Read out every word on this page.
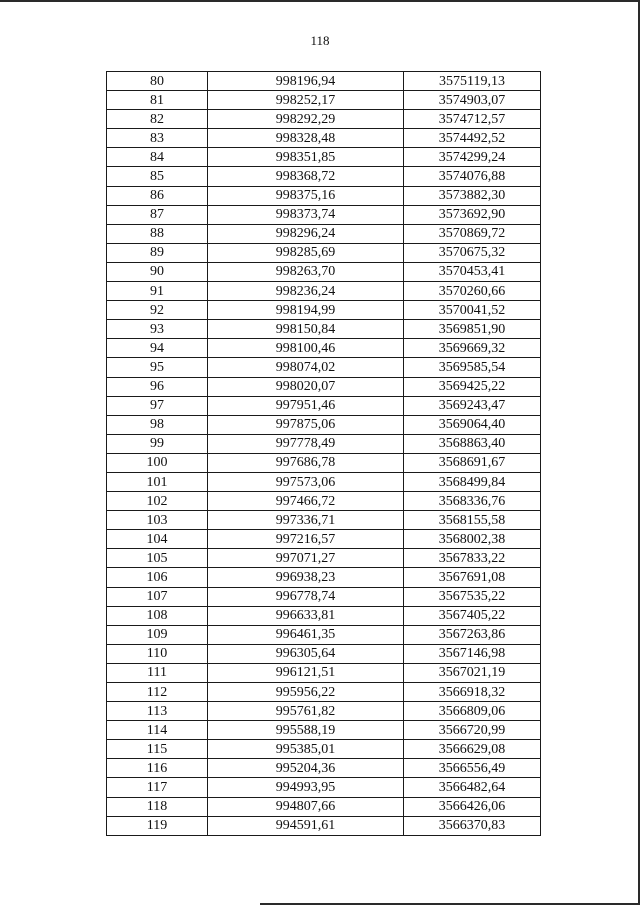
118
80	998196,94	3575119,13
81	998252,17	3574903,07
82	998292,29	3574712,57
83	998328,48	3574492,52
84	998351,85	3574299,24
85	998368,72	3574076,88
86	998375,16	3573882,30
87	998373,74	3573692,90
88	998296,24	3570869,72
89	998285,69	3570675,32
90	998263,70	3570453,41
91	998236,24	3570260,66
92	998194,99	3570041,52
93	998150,84	3569851,90
94	998100,46	3569669,32
95	998074,02	3569585,54
96	998020,07	3569425,22
97	997951,46	3569243,47
98	997875,06	3569064,40
99	997778,49	3568863,40
100	997686,78	3568691,67
101	997573,06	3568499,84
102	997466,72	3568336,76
103	997336,71	3568155,58
104	997216,57	3568002,38
105	997071,27	3567833,22
106	996938,23	3567691,08
107	996778,74	3567535,22
108	996633,81	3567405,22
109	996461,35	3567263,86
110	996305,64	3567146,98
111	996121,51	3567021,19
112	995956,22	3566918,32
113	995761,82	3566809,06
114	995588,19	3566720,99
115	995385,01	3566629,08
116	995204,36	3566556,49
117	994993,95	3566482,64
118	994807,66	3566426,06
119	994591,61	3566370,83
